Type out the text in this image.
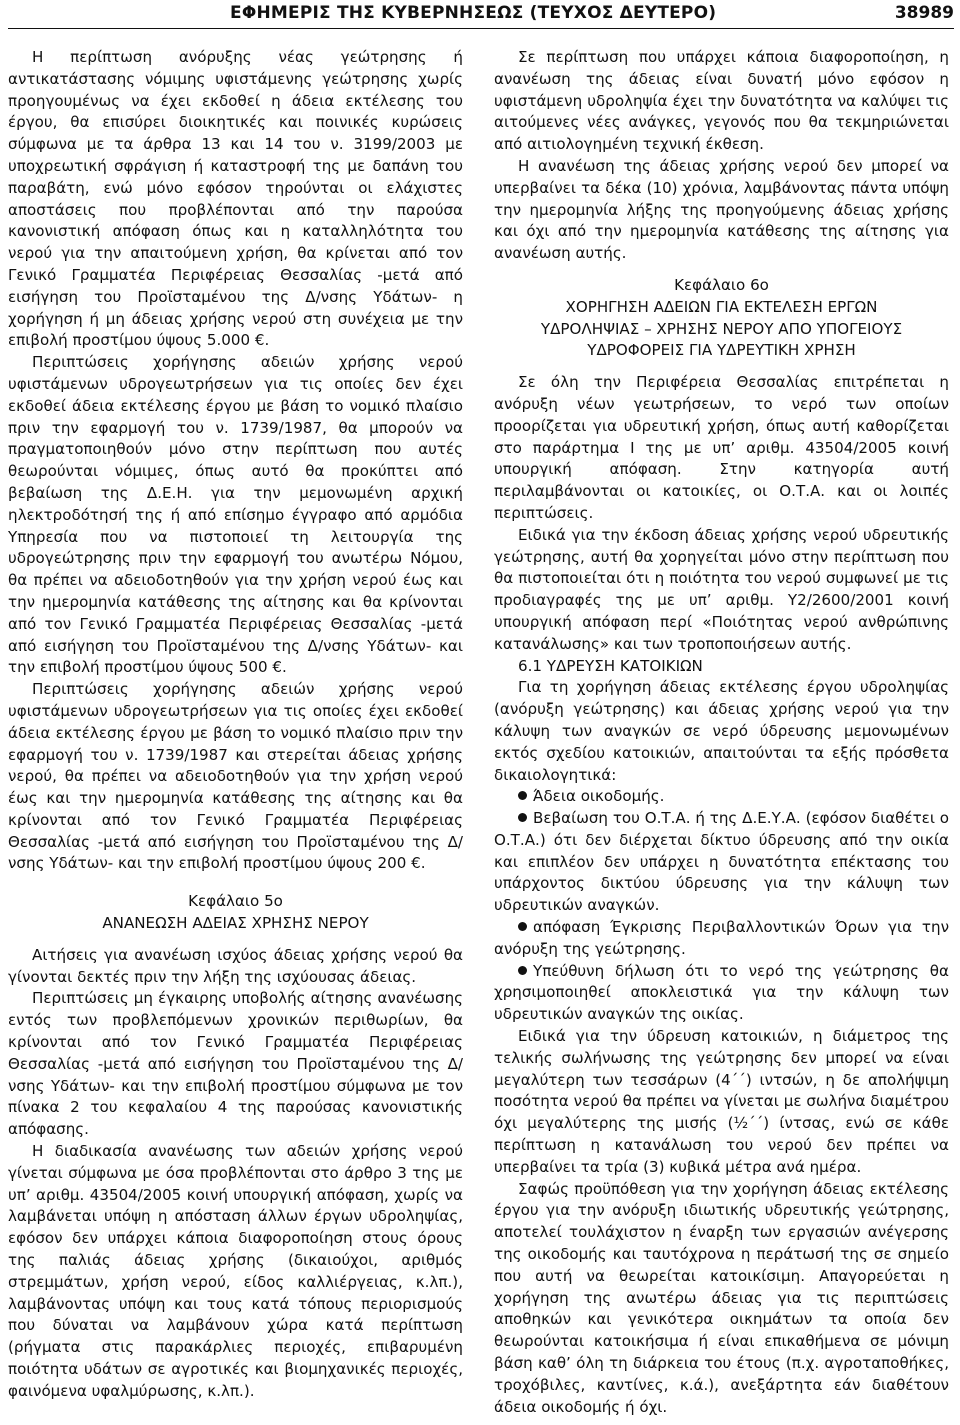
ΕΦΗΜΕΡΙΣ ΤΗΣ ΚΥΒΕΡΝΗΣΕΩΣ (ΤΕΥΧΟΣ ΔΕΥΤΕΡΟ)	38989

Η περίπτωση ανόρυξης νέας γεώτρησης ή αντικατάστασης νόμιμης υφιστάμενης γεώτρησης χωρίς προηγουμένως να έχει εκδοθεί η άδεια εκτέλεσης του έργου, θα επισύρει διοικητικές και ποινικές κυρώσεις σύμφωνα με τα άρθρα 13 και 14 του ν. 3199/2003 με υποχρεωτική σφράγιση ή καταστροφή της με δαπάνη του παραβάτη, ενώ μόνο εφόσον τηρούνται οι ελάχιστες αποστάσεις που προβλέπονται από την παρούσα κανονιστική απόφαση όπως και η καταλληλότητα του νερού για την απαιτούμενη χρήση, θα κρίνεται από τον Γενικό Γραμματέα Περιφέρειας Θεσσαλίας -μετά από εισήγηση του Προϊσταμένου της Δ/νσης Υδάτων- η χορήγηση ή μη άδειας χρήσης νερού στη συνέχεια με την επιβολή προστίμου ύψους 5.000 €.

Περιπτώσεις χορήγησης αδειών χρήσης νερού υφιστάμενων υδρογεωτρήσεων για τις οποίες δεν έχει εκδοθεί άδεια εκτέλεσης έργου με βάση το νομικό πλαίσιο πριν την εφαρμογή του ν. 1739/1987, θα μπορούν να πραγματοποιηθούν μόνο στην περίπτωση που αυτές θεωρούνται νόμιμες, όπως αυτό θα προκύπτει από βεβαίωση της Δ.Ε.Η. για την μεμονωμένη αρχική ηλεκτροδότησή της ή από επίσημο έγγραφο από αρμόδια Υπηρεσία που να πιστοποιεί τη λειτουργία της υδρογεώτρησης πριν την εφαρμογή του ανωτέρω Νόμου, θα πρέπει να αδειοδοτηθούν για την χρήση νερού έως και την ημερομηνία κατάθεσης της αίτησης και θα κρίνονται από τον Γενικό Γραμματέα Περιφέρειας Θεσσαλίας -μετά από εισήγηση του Προϊσταμένου της Δ/νσης Υδάτων- και την επιβολή προστίμου ύψους 500 €.

Περιπτώσεις χορήγησης αδειών χρήσης νερού υφιστάμενων υδρογεωτρήσεων για τις οποίες έχει εκδοθεί άδεια εκτέλεσης έργου με βάση το νομικό πλαίσιο πριν την εφαρμογή του ν. 1739/1987 και στερείται άδειας χρήσης νερού, θα πρέπει να αδειοδοτηθούν για την χρήση νερού έως και την ημερομηνία κατάθεσης της αίτησης και θα κρίνονται από τον Γενικό Γραμματέα Περιφέρειας Θεσσαλίας -μετά από εισήγηση του Προϊσταμένου της Δ/νσης Υδάτων- και την επιβολή προστίμου ύψους 200 €.

Κεφάλαιο 5ο

ΑΝΑΝΕΩΣΗ ΑΔΕΙΑΣ ΧΡΗΣΗΣ ΝΕΡΟΥ

Αιτήσεις για ανανέωση ισχύος άδειας χρήσης νερού θα γίνονται δεκτές πριν την λήξη της ισχύουσας άδειας.

Περιπτώσεις μη έγκαιρης υποβολής αίτησης ανανέωσης εντός των προβλεπόμενων χρονικών περιθωρίων, θα κρίνονται από τον Γενικό Γραμματέα Περιφέρειας Θεσσαλίας -μετά από εισήγηση του Προϊσταμένου της Δ/νσης Υδάτων- και την επιβολή προστίμου σύμφωνα με τον πίνακα 2 του κεφαλαίου 4 της παρούσας κανονιστικής απόφασης.

Η διαδικασία ανανέωσης των αδειών χρήσης νερού γίνεται σύμφωνα με όσα προβλέπονται στο άρθρο 3 της με υπ’ αριθμ. 43504/2005 κοινή υπουργική απόφαση, χωρίς να λαμβάνεται υπόψη η απόσταση άλλων έργων υδροληψίας, εφόσον δεν υπάρχει κάποια διαφοροποίηση στους όρους της παλιάς άδειας χρήσης (δικαιούχοι, αριθμός στρεμμάτων, χρήση νερού, είδος καλλιέργειας, κ.λπ.), λαμβάνοντας υπόψη και τους κατά τόπους περιορισμούς που δύναται να λαμβάνουν χώρα κατά περίπτωση (ρήγματα στις παρακάρλιες περιοχές, επιβαρυμένη ποιότητα υδάτων σε αγροτικές και βιομηχανικές περιοχές, φαινόμενα υφαλμύρωσης, κ.λπ.).

Σε περίπτωση που υπάρχει κάποια διαφοροποίηση, η ανανέωση της άδειας είναι δυνατή μόνο εφόσον η υφιστάμενη υδροληψία έχει την δυνατότητα να καλύψει τις αιτούμενες νέες ανάγκες, γεγονός που θα τεκμηριώνεται από αιτιολογημένη τεχνική έκθεση.

Η ανανέωση της άδειας χρήσης νερού δεν μπορεί να υπερβαίνει τα δέκα (10) χρόνια, λαμβάνοντας πάντα υπόψη την ημερομηνία λήξης της προηγούμενης άδειας χρήσης και όχι από την ημερομηνία κατάθεσης της αίτησης για ανανέωση αυτής.

Κεφάλαιο 6ο

ΧΟΡΗΓΗΣΗ ΑΔΕΙΩΝ ΓΙΑ ΕΚΤΕΛΕΣΗ ΕΡΓΩΝ

ΥΔΡΟΛΗΨΙΑΣ – ΧΡΗΣΗΣ ΝΕΡΟΥ ΑΠΟ ΥΠΟΓΕΙΟΥΣ

ΥΔΡΟΦΟΡΕΙΣ ΓΙΑ ΥΔΡΕΥΤΙΚΗ ΧΡΗΣΗ

Σε όλη την Περιφέρεια Θεσσαλίας επιτρέπεται η ανόρυξη νέων γεωτρήσεων, το νερό των οποίων προορίζεται για υδρευτική χρήση, όπως αυτή καθορίζεται στο παράρτημα Ι της με υπ’ αριθμ. 43504/2005 κοινή υπουργική απόφαση. Στην κατηγορία αυτή περιλαμβάνονται οι κατοικίες, οι Ο.Τ.Α. και οι λοιπές περιπτώσεις.

Ειδικά για την έκδοση άδειας χρήσης νερού υδρευτικής γεώτρησης, αυτή θα χορηγείται μόνο στην περίπτωση που θα πιστοποιείται ότι η ποιότητα του νερού συμφωνεί με τις προδιαγραφές της με υπ’ αριθμ. Υ2/2600/2001 κοινή υπουργική απόφαση περί «Ποιότητας νερού ανθρώπινης κατανάλωσης» και των τροποποιήσεων αυτής.

6.1 ΥΔΡΕΥΣΗ ΚΑΤΟΙΚΙΩΝ

Για τη χορήγηση άδειας εκτέλεσης έργου υδροληψίας (ανόρυξη γεώτρησης) και άδειας χρήσης νερού για την κάλυψη των αναγκών σε νερό ύδρευσης μεμονωμένων εκτός σχεδίου κατοικιών, απαιτούνται τα εξής πρόσθετα δικαιολογητικά:

Άδεια οικοδομής.

Βεβαίωση του Ο.Τ.Α. ή της Δ.Ε.Υ.Α. (εφόσον διαθέτει ο Ο.Τ.Α.) ότι δεν διέρχεται δίκτυο ύδρευσης από την οικία και επιπλέον δεν υπάρχει η δυνατότητα επέκτασης του υπάρχοντος δικτύου ύδρευσης για την κάλυψη των υδρευτικών αναγκών.

απόφαση Έγκρισης Περιβαλλοντικών Όρων για την ανόρυξη της γεώτρησης.

Υπεύθυνη δήλωση ότι το νερό της γεώτρησης θα χρησιμοποιηθεί αποκλειστικά για την κάλυψη των υδρευτικών αναγκών της οικίας.

Ειδικά για την ύδρευση κατοικιών, η διάμετρος της τελικής σωλήνωσης της γεώτρησης δεν μπορεί να είναι μεγαλύτερη των τεσσάρων (4΄΄) ιντσών, η δε απολήψιμη ποσότητα νερού θα πρέπει να γίνεται με σωλήνα διαμέτρου όχι μεγαλύτερης της μισής (½΄΄) ίντσας, ενώ σε κάθε περίπτωση η κατανάλωση του νερού δεν πρέπει να υπερβαίνει τα τρία (3) κυβικά μέτρα ανά ημέρα.

Σαφώς προϋπόθεση για την χορήγηση άδειας εκτέλεσης έργου για την ανόρυξη ιδιωτικής υδρευτικής γεώτρησης, αποτελεί τουλάχιστον η έναρξη των εργασιών ανέγερσης της οικοδομής και ταυτόχρονα η περάτωσή της σε σημείο που αυτή να θεωρείται κατοικίσιμη. Απαγορεύεται η χορήγηση της ανωτέρω άδειας για τις περιπτώσεις αποθηκών και γενικότερα οικημάτων τα οποία δεν θεωρούνται κατοικήσιμα ή είναι επικαθήμενα σε μόνιμη βάση καθ’ όλη τη διάρκεια του έτους (π.χ. αγροταποθήκες, τροχόβιλες, καντίνες, κ.ά.), ανεξάρτητα εάν διαθέτουν άδεια οικοδομής ή όχι.
